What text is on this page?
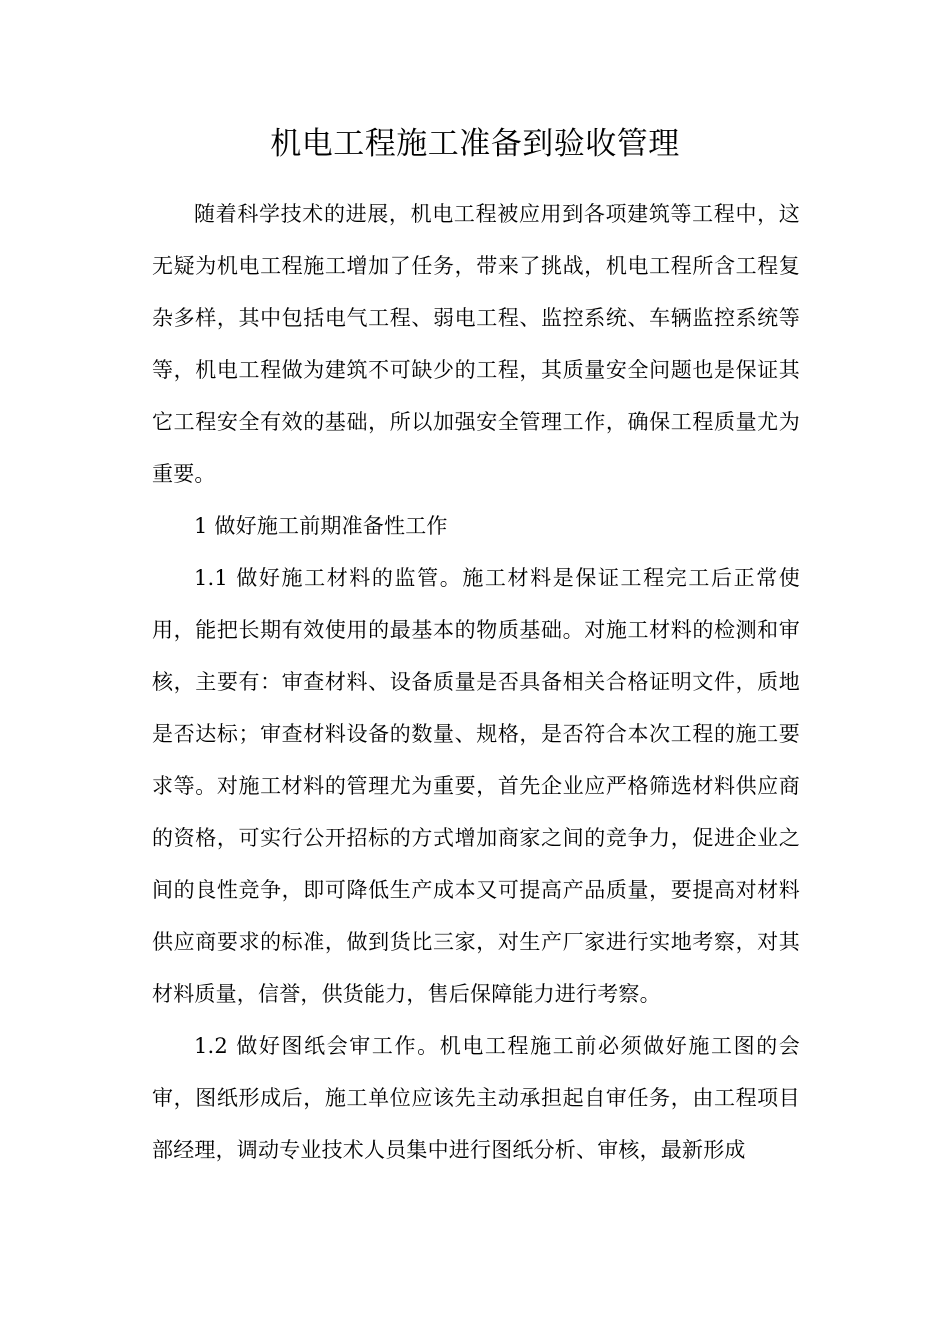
机电工程施工准备到验收管理

随着科学技术的进展，机电工程被应用到各项建筑等工程中，这无疑为机电工程施工增加了任务，带来了挑战，机电工程所含工程复杂多样，其中包括电气工程、弱电工程、监控系统、车辆监控系统等等，机电工程做为建筑不可缺少的工程，其质量安全问题也是保证其它工程安全有效的基础，所以加强安全管理工作，确保工程质量尤为重要。

1 做好施工前期准备性工作

1.1 做好施工材料的监管。施工材料是保证工程完工后正常使用，能把长期有效使用的最基本的物质基础。对施工材料的检测和审核，主要有：审查材料、设备质量是否具备相关合格证明文件，质地是否达标；审查材料设备的数量、规格，是否符合本次工程的施工要求等。对施工材料的管理尤为重要，首先企业应严格筛选材料供应商的资格，可实行公开招标的方式增加商家之间的竞争力，促进企业之间的良性竞争，即可降低生产成本又可提高产品质量，要提高对材料供应商要求的标准，做到货比三家，对生产厂家进行实地考察，对其材料质量，信誉，供货能力，售后保障能力进行考察。

1.2 做好图纸会审工作。机电工程施工前必须做好施工图的会审，图纸形成后，施工单位应该先主动承担起自审任务，由工程项目部经理，调动专业技术人员集中进行图纸分析、审核，最新形成
